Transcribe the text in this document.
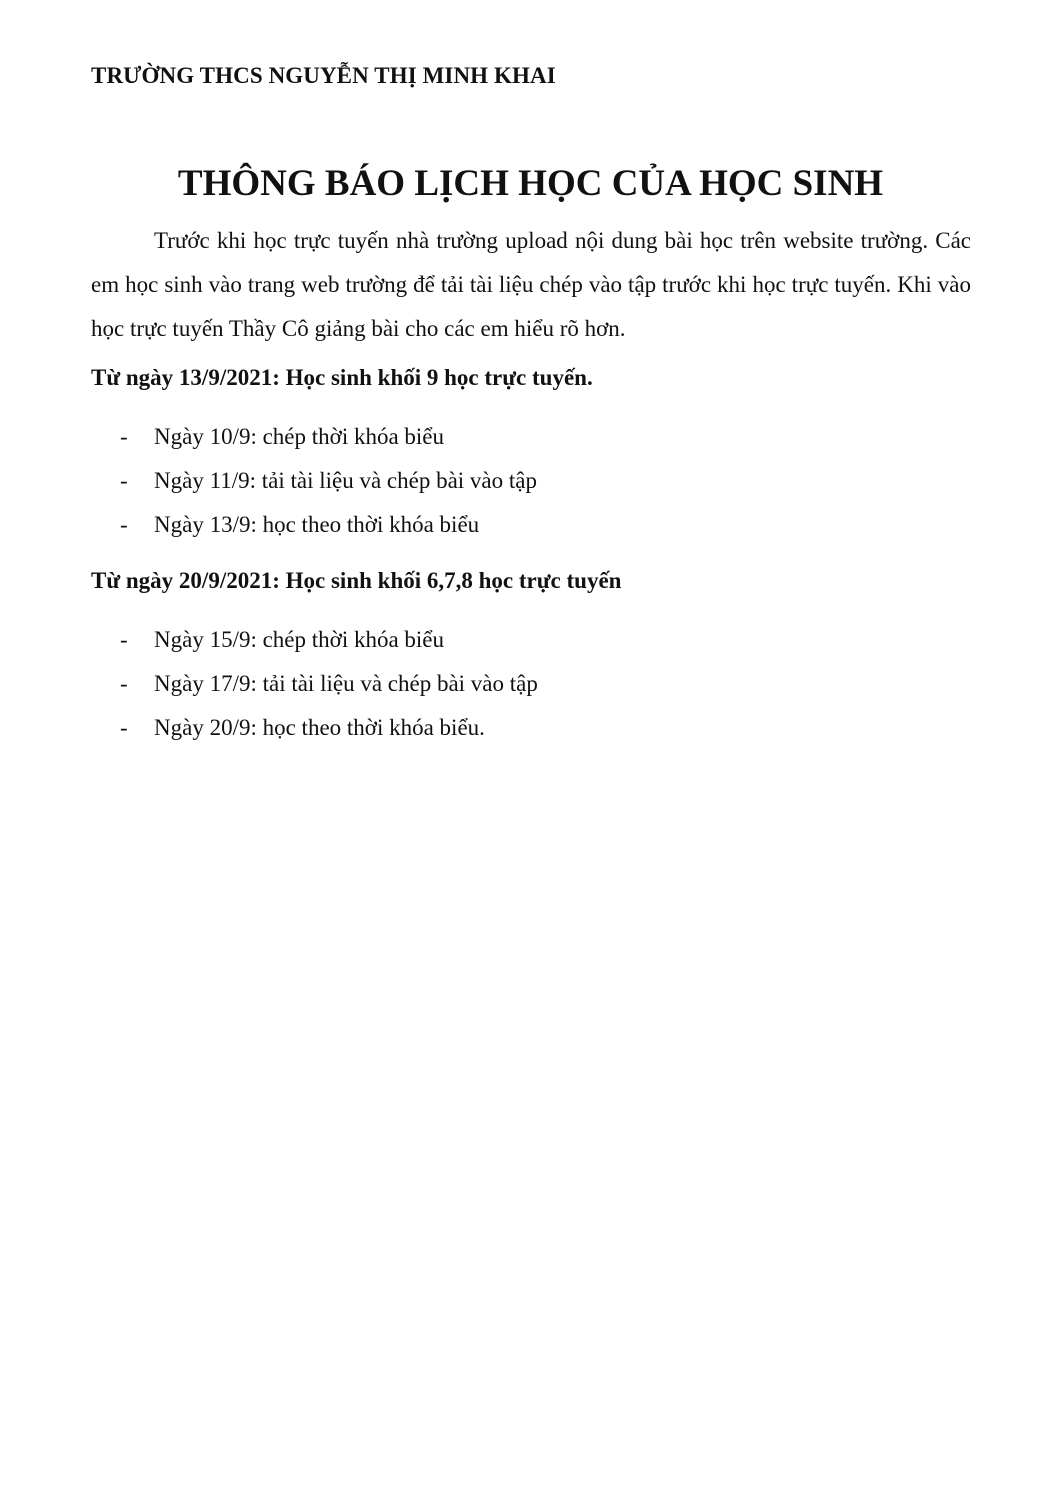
TRƯỜNG THCS NGUYỄN THỊ MINH KHAI
THÔNG BÁO LỊCH HỌC CỦA HỌC SINH

Trước khi học trực tuyến nhà trường upload nội dung bài học trên website trường. Các em học sinh vào trang web trường để tải tài liệu chép vào tập trước khi học trực tuyến. Khi vào học trực tuyến Thầy Cô giảng bài cho các em hiểu rõ hơn.

Từ ngày 13/9/2021: Học sinh khối 9 học trực tuyến.

- Ngày 10/9: chép thời khóa biểu
- Ngày 11/9: tải tài liệu và chép bài vào tập
- Ngày 13/9: học theo thời khóa biểu

Từ ngày 20/9/2021: Học sinh khối 6,7,8 học trực tuyến

- Ngày 15/9: chép thời khóa biểu
- Ngày 17/9: tải tài liệu và chép bài vào tập
- Ngày 20/9: học theo thời khóa biểu.
